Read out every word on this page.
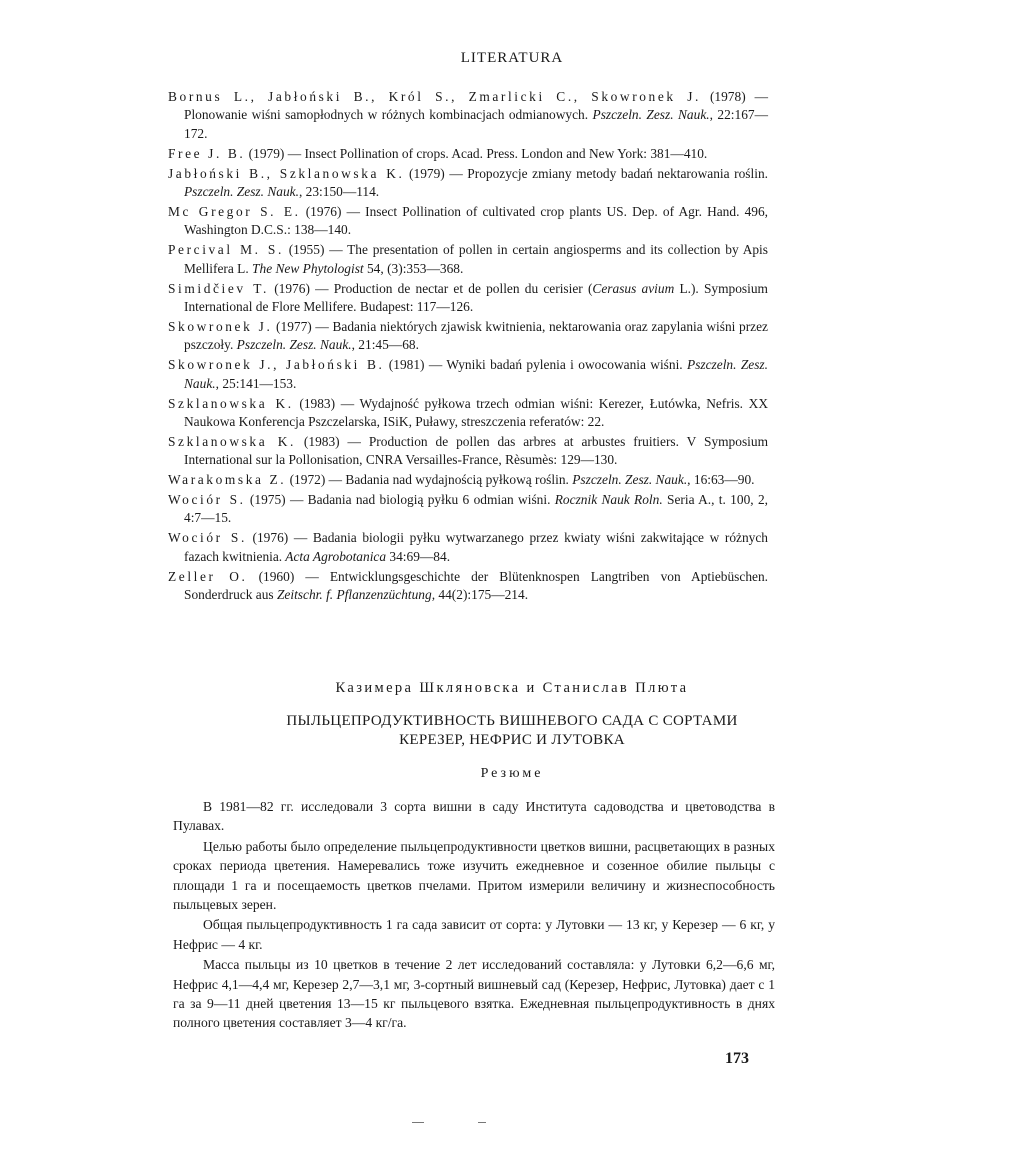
LITERATURA

Bornus L., Jabłoński B., Król S., Zmarlicki C., Skowronek J. (1978) — Plonowanie wiśni samopłodnych w różnych kombinacjach odmianowych. Pszczeln. Zesz. Nauk., 22:167—172.

Free J. B. (1979) — Insect Pollination of crops. Acad. Press. London and New York: 381—410.

Jabłoński B., Szklanowska K. (1979) — Propozycje zmiany metody badań nektarowania roślin. Pszczeln. Zesz. Nauk., 23:150—114.

Mc Gregor S. E. (1976) — Insect Pollination of cultivated crop plants US. Dep. of Agr. Hand. 496, Washington D.C.S.: 138—140.

Percival M. S. (1955) — The presentation of pollen in certain angiosperms and its collection by Apis Mellifera L. The New Phytologist 54, (3):353—368.

Simidčiev T. (1976) — Production de nectar et de pollen du cerisier (Cerasus avium L.). Symposium International de Flore Mellifere. Budapest: 117—126.

Skowronek J. (1977) — Badania niektórych zjawisk kwitnienia, nektarowania oraz zapylania wiśni przez pszczoły. Pszczeln. Zesz. Nauk., 21:45—68.

Skowronek J., Jabłoński B. (1981) — Wyniki badań pylenia i owocowania wiśni. Pszczeln. Zesz. Nauk., 25:141—153.

Szklanowska K. (1983) — Wydajność pyłkowa trzech odmian wiśni: Kerezer, Łutówka, Nefris. XX Naukowa Konferencja Pszczelarska, ISiK, Puławy, streszczenia referatów: 22.

Szklanowska K. (1983) — Production de pollen das arbres at arbustes fruitiers. V Symposium International sur la Pollonisation, CNRA Versailles-France, Rèsumès: 129—130.

Warakomska Z. (1972) — Badania nad wydajnością pyłkową roślin. Pszczeln. Zesz. Nauk., 16:63—90.

Wociór S. (1975) — Badania nad biologią pyłku 6 odmian wiśni. Rocznik Nauk Roln. Seria A., t. 100, 2, 4:7—15.

Wociór S. (1976) — Badania biologii pyłku wytwarzanego przez kwiaty wiśni zakwitające w różnych fazach kwitnienia. Acta Agrobotanica 34:69—84.

Zeller O. (1960) — Entwicklungsgeschichte der Blütenknospen Langtriben von Aptiebüschen. Sonderdruck aus Zeitschr. f. Pflanzenzüchtung, 44(2):175—214.

Казимера Шкляновска и Станислав Плюта
ПЫЛЬЦЕПРОДУКТИВНОСТЬ ВИШНЕВОГО САДА С СОРТАМИ
КЕРЕЗЕР, НЕФРИС И ЛУТОВКА
Резюме

В 1981—82 гг. исследовали 3 сорта вишни в саду Института садоводства и цветоводства в Пулавах.

Целью работы было определение пыльцепродуктивности цветков вишни, расцветающих в разных сроках периода цветения. Намеревались тоже изучить ежедневное и созенное обилие пыльцы с площади 1 га и посещаемость цветков пчелами. Притом измерили величину и жизнеспособность пыльцевых зерен.

Общая пыльцепродуктивность 1 га сада зависит от сорта: у Лутовки — 13 кг, у Керезер — 6 кг, у Нефрис — 4 кг.

Масса пыльцы из 10 цветков в течение 2 лет исследований составляла: у Лутовки 6,2—6,6 мг, Нефрис 4,1—4,4 мг, Керезер 2,7—3,1 мг, 3-сортный вишневый сад (Керезер, Нефрис, Лутовка) дает с 1 га за 9—11 дней цветения 13—15 кг пыльцевого взятка. Ежедневная пыльцепродуктивность в днях полного цветения составляет 3—4 кг/га.

173
